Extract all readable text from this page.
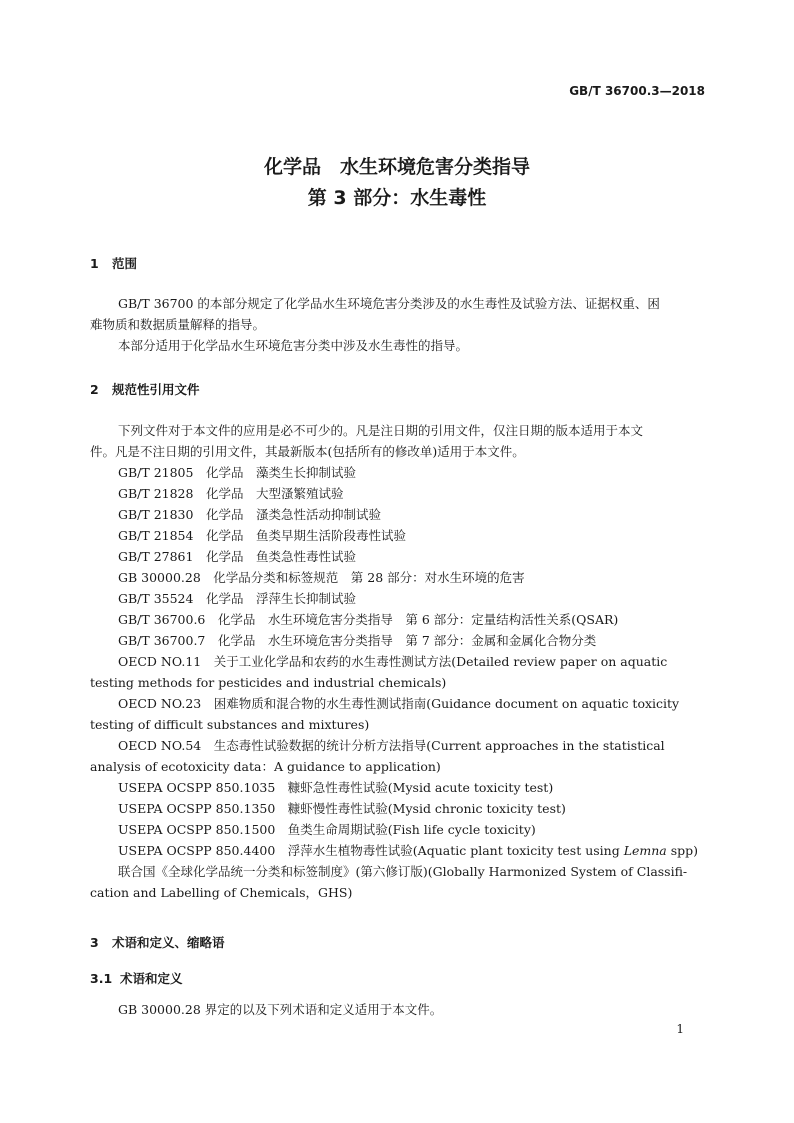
GB/T 36700.3—2018
化学品　水生环境危害分类指导
第 3 部分：水生毒性
1 范围
GB/T 36700 的本部分规定了化学品水生环境危害分类涉及的水生毒性及试验方法、证据权重、困
难物质和数据质量解释的指导。
本部分适用于化学品水生环境危害分类中涉及水生毒性的指导。
2 规范性引用文件
下列文件对于本文件的应用是必不可少的。凡是注日期的引用文件，仅注日期的版本适用于本文
件。凡是不注日期的引用文件，其最新版本(包括所有的修改单)适用于本文件。
GB/T 21805　化学品　藻类生长抑制试验
GB/T 21828　化学品　大型溞繁殖试验
GB/T 21830　化学品　溞类急性活动抑制试验
GB/T 21854　化学品　鱼类早期生活阶段毒性试验
GB/T 27861　化学品　鱼类急性毒性试验
GB 30000.28　化学品分类和标签规范　第 28 部分：对水生环境的危害
GB/T 35524　化学品　浮萍生长抑制试验
GB/T 36700.6　化学品　水生环境危害分类指导　第 6 部分：定量结构活性关系(QSAR)
GB/T 36700.7　化学品　水生环境危害分类指导　第 7 部分：金属和金属化合物分类
OECD NO.11　关于工业化学品和农药的水生毒性测试方法(Detailed review paper on aquatic
testing methods for pesticides and industrial chemicals)
OECD NO.23　困难物质和混合物的水生毒性测试指南(Guidance document on aquatic toxicity
testing of difficult substances and mixtures)
OECD NO.54　生态毒性试验数据的统计分析方法指导(Current approaches in the statistical
analysis of ecotoxicity data：A guidance to application)
USEPA OCSPP 850.1035　糠虾急性毒性试验(Mysid acute toxicity test)
USEPA OCSPP 850.1350　糠虾慢性毒性试验(Mysid chronic toxicity test)
USEPA OCSPP 850.1500　鱼类生命周期试验(Fish life cycle toxicity)
USEPA OCSPP 850.4400　浮萍水生植物毒性试验(Aquatic plant toxicity test using Lemna spp)
联合国《全球化学品统一分类和标签制度》(第六修订版)(Globally Harmonized System of Classifi-
cation and Labelling of Chemicals，GHS)
3 术语和定义、缩略语
3.1 术语和定义
GB 30000.28 界定的以及下列术语和定义适用于本文件。
1
